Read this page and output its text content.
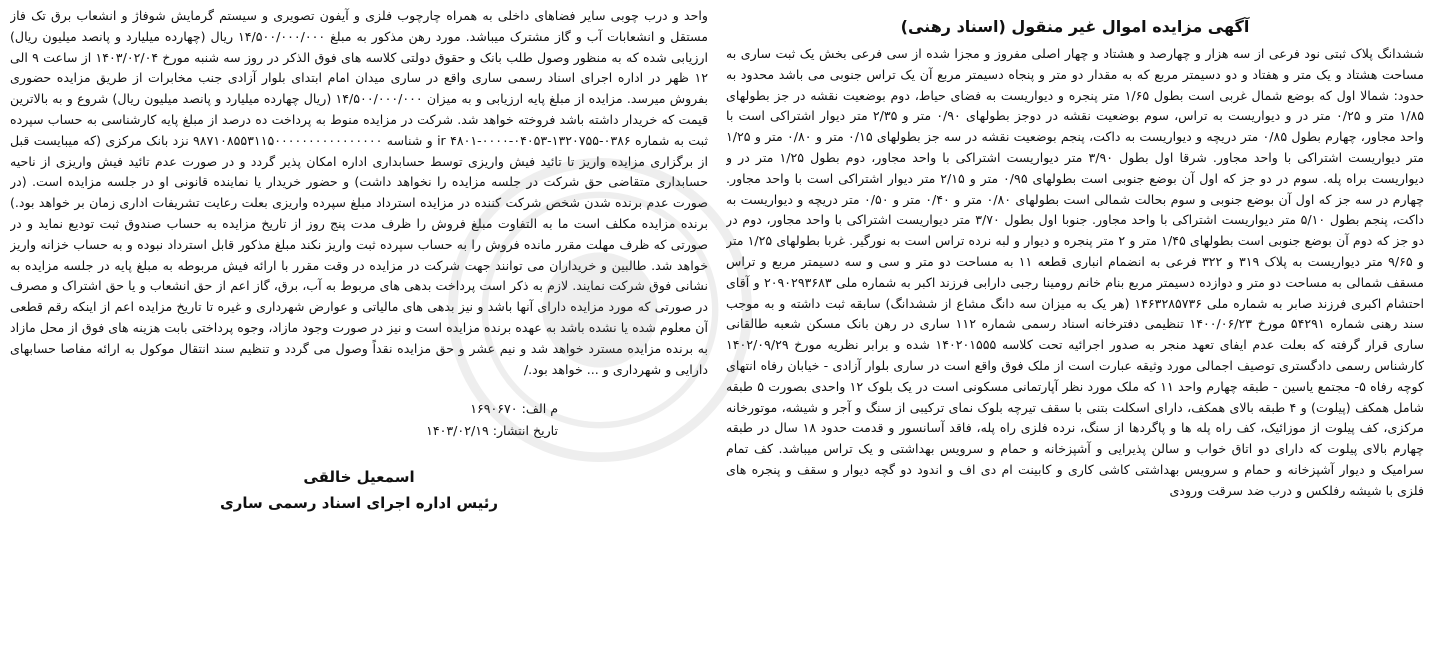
آگهی مزایده اموال غیر منقول (اسناد رهنی)

ششدانگ پلاک ثبتی نود فرعی از سه هزار و چهارصد و هشتاد و چهار اصلی مفروز و مجزا شده از سی فرعی بخش یک ثبت ساری به مساحت هشتاد و یک متر و هفتاد و دو دسیمتر مربع که به مقدار دو متر و پنجاه دسیمتر مربع آن یک تراس جنوبی می باشد محدود به حدود: شمالا اول که بوضع شمال غربی است بطول ۱/۶۵ متر پنجره و دیواریست به فضای حیاط، دوم بوضعیت نقشه در جز بطولهای ۱/۸۵ متر و ۰/۲۵ متر در و دیواریست به تراس، سوم بوضعیت نقشه در دوجز بطولهای ۰/۹۰ متر و ۲/۳۵ متر دیوار اشتراکی است با واحد مجاور، چهارم بطول ۰/۸۵ متر دریچه و دیواریست به داکت، پنجم بوضعیت نقشه در سه جز بطولهای ۰/۱۵ متر و ۰/۸۰ متر و ۱/۲۵ متر دیواریست اشتراکی با واحد مجاور. شرقا اول بطول ۳/۹۰ متر دیواریست اشتراکی با واحد مجاور، دوم بطول ۱/۲۵ متر در و دیواریست براه پله. سوم در دو جز که اول آن بوضع جنوبی است بطولهای ۰/۹۵ متر و ۲/۱۵ متر دیوار اشتراکی است با واحد مجاور. چهارم در سه جز که اول آن بوضع جنوبی و سوم بحالت شمالی است بطولهای ۰/۸۰ متر و ۰/۴۰ متر و ۰/۵۰ متر دریچه و دیواریست به داکت، پنجم بطول ۵/۱۰ متر دیواریست اشتراکی با واحد مجاور. جنوبا اول بطول ۳/۷۰ متر دیواریست اشتراکی با واحد مجاور، دوم در دو جز که دوم آن بوضع جنوبی است بطولهای ۱/۴۵ متر و ۲ متر پنجره و دیوار و لبه نرده تراس است به نورگیر. غربا بطولهای ۱/۲۵ متر و ۹/۶۵ متر دیواریست به پلاک ۳۱۹ و ۳۲۲ فرعی به انضمام انباری قطعه ۱۱ به مساحت دو متر و سی و سه دسیمتر مربع و تراس مسقف شمالی به مساحت دو متر و دوازده دسیمتر مربع بنام خانم رومینا رجبی دارابی فرزند اکبر به شماره ملی ۲۰۹۰۲۹۳۶۸۳ و آقای احتشام اکبری فرزند صابر به شماره ملی ۱۴۶۳۲۸۵۷۳۶ (هر یک به میزان سه دانگ مشاع از ششدانگ) سابقه ثبت داشته و به موجب سند رهنی شماره ۵۴۲۹۱ مورخ ۱۴۰۰/۰۶/۲۳ تنظیمی دفترخانه اسناد رسمی شماره ۱۱۲ ساری در رهن بانک مسکن شعبه طالقانی ساری قرار گرفته که بعلت عدم ایفای تعهد منجر به صدور اجرائیه تحت کلاسه ۱۴۰۲۰۱۵۵۵ شده و برابر نظریه مورخ ۱۴۰۲/۰۹/۲۹ کارشناس رسمی دادگستری توصیف اجمالی مورد وثیقه عبارت است از ملک فوق واقع است در ساری بلوار آزادی - خیابان رفاه انتهای کوچه رفاه ۵- مجتمع یاسین - طبقه چهارم واحد ۱۱ که ملک مورد نظر آپارتمانی مسکونی است در یک بلوک ۱۲ واحدی بصورت ۵ طبقه شامل همکف (پیلوت) و ۴ طبقه بالای همکف، دارای اسکلت بتنی با سقف تیرچه بلوک نمای ترکیبی از سنگ و آجر و شیشه، موتورخانه مرکزی، کف پیلوت از موزائیک، کف راه پله ها و پاگردها از سنگ، نرده فلزی راه پله، فاقد آسانسور و قدمت حدود ۱۸ سال در طبقه چهارم بالای پیلوت که دارای دو اتاق خواب و سالن پذیرایی و آشپزخانه و حمام و سرویس بهداشتی و یک تراس میباشد. کف تمام سرامیک و دیوار آشپزخانه و حمام و سرویس بهداشتی کاشی کاری و کابینت ام دی اف و اندود دو گچه دیوار و سقف و پنجره های فلزی با شیشه رفلکس و درب ضد سرقت ورودی

واحد و درب چوبی سایر فضاهای داخلی به همراه چارچوب فلزی و آیفون تصویری و سیستم گرمایش شوفاژ و انشعاب برق تک فاز مستقل و انشعابات آب و گاز مشترک میباشد. مورد رهن مذکور به مبلغ ۱۴/۵۰۰/۰۰۰/۰۰۰ ریال (چهارده میلیارد و پانصد میلیون ریال) ارزیابی شده که به منظور وصول طلب بانک و حقوق دولتی کلاسه های فوق الذکر در روز سه شنبه مورخ ۱۴۰۳/۰۲/۰۴ از ساعت ۹ الی ۱۲ ظهر در اداره اجرای اسناد رسمی ساری واقع در ساری میدان امام ابتدای بلوار آزادی جنب مخابرات از طریق مزایده حضوری بفروش میرسد. مزایده از مبلغ پایه ارزیابی و به میزان ۱۴/۵۰۰/۰۰۰/۰۰۰ (ریال چهارده میلیارد و پانصد میلیون ریال) شروع و به بالاترین قیمت که خریدار داشته باشد فروخته خواهد شد. شرکت در مزایده منوط به پرداخت ده درصد از مبلغ پایه کارشناسی به حساب سپرده ثبت به شماره ۰۳۸۶-۱۳۲۰۷۵۵-۰۴۰۵۳-۰۰۰۰-۴۸۰۱ ir و شناسه ۹۸۷۱۰۸۵۵۳۱۱۵۰۰۰۰۰۰۰۰۰۰۰۰۰۰۰۰ نزد بانک مرکزی (که میبایست قبل از برگزاری مزایده واریز تا تائید فیش واریزی توسط حسابداری اداره امکان پذیر گردد و در صورت عدم تائید فیش واریزی از ناحیه حسابداری متقاضی حق شرکت در جلسه مزایده را نخواهد داشت) و حضور خریدار یا نماینده قانونی او در جلسه مزایده است. (در صورت عدم برنده شدن شخص شرکت کننده در مزایده استرداد مبلغ سپرده واریزی بعلت رعایت تشریفات اداری زمان بر خواهد بود.) برنده مزایده مکلف است ما به التفاوت مبلغ فروش را ظرف مدت پنج روز از تاریخ مزایده به حساب صندوق ثبت توديع نمايد و در صورتی که ظرف مهلت مقرر مانده فروش را به حساب سپرده ثبت واریز نکند مبلغ مذکور قابل استرداد نبوده و به حساب خزانه واریز خواهد شد. طالبین و خریداران می توانند جهت شرکت در مزایده در وقت مقرر با ارائه فیش مربوطه به مبلغ پایه در جلسه مزایده به نشانی فوق شرکت نمایند. لازم به ذکر است پرداخت بدهی های مربوط به آب، برق، گاز اعم از حق انشعاب و یا حق اشتراک و مصرف در صورتی که مورد مزایده دارای آنها باشد و نیز بدهی های مالیاتی و عوارض شهرداری و غیره تا تاریخ مزایده اعم از اینکه رقم قطعی آن معلوم شده یا نشده باشد به عهده برنده مزایده است و نیز در صورت وجود مازاد، وجوه پرداختی بابت هزینه های فوق از محل مازاد به برنده مزایده مسترد خواهد شد و نیم عشر و حق مزایده نقداً وصول می گردد و تنظیم سند انتقال موکول به ارائه مفاصا حسابهای دارایی و شهرداری و ... خواهد بود./

م الف: ۱۶۹۰۶۷۰
تاریخ انتشار: ۱۴۰۳/۰۲/۱۹
اسمعیل خالقی
رئیس اداره اجرای اسناد رسمی ساری
